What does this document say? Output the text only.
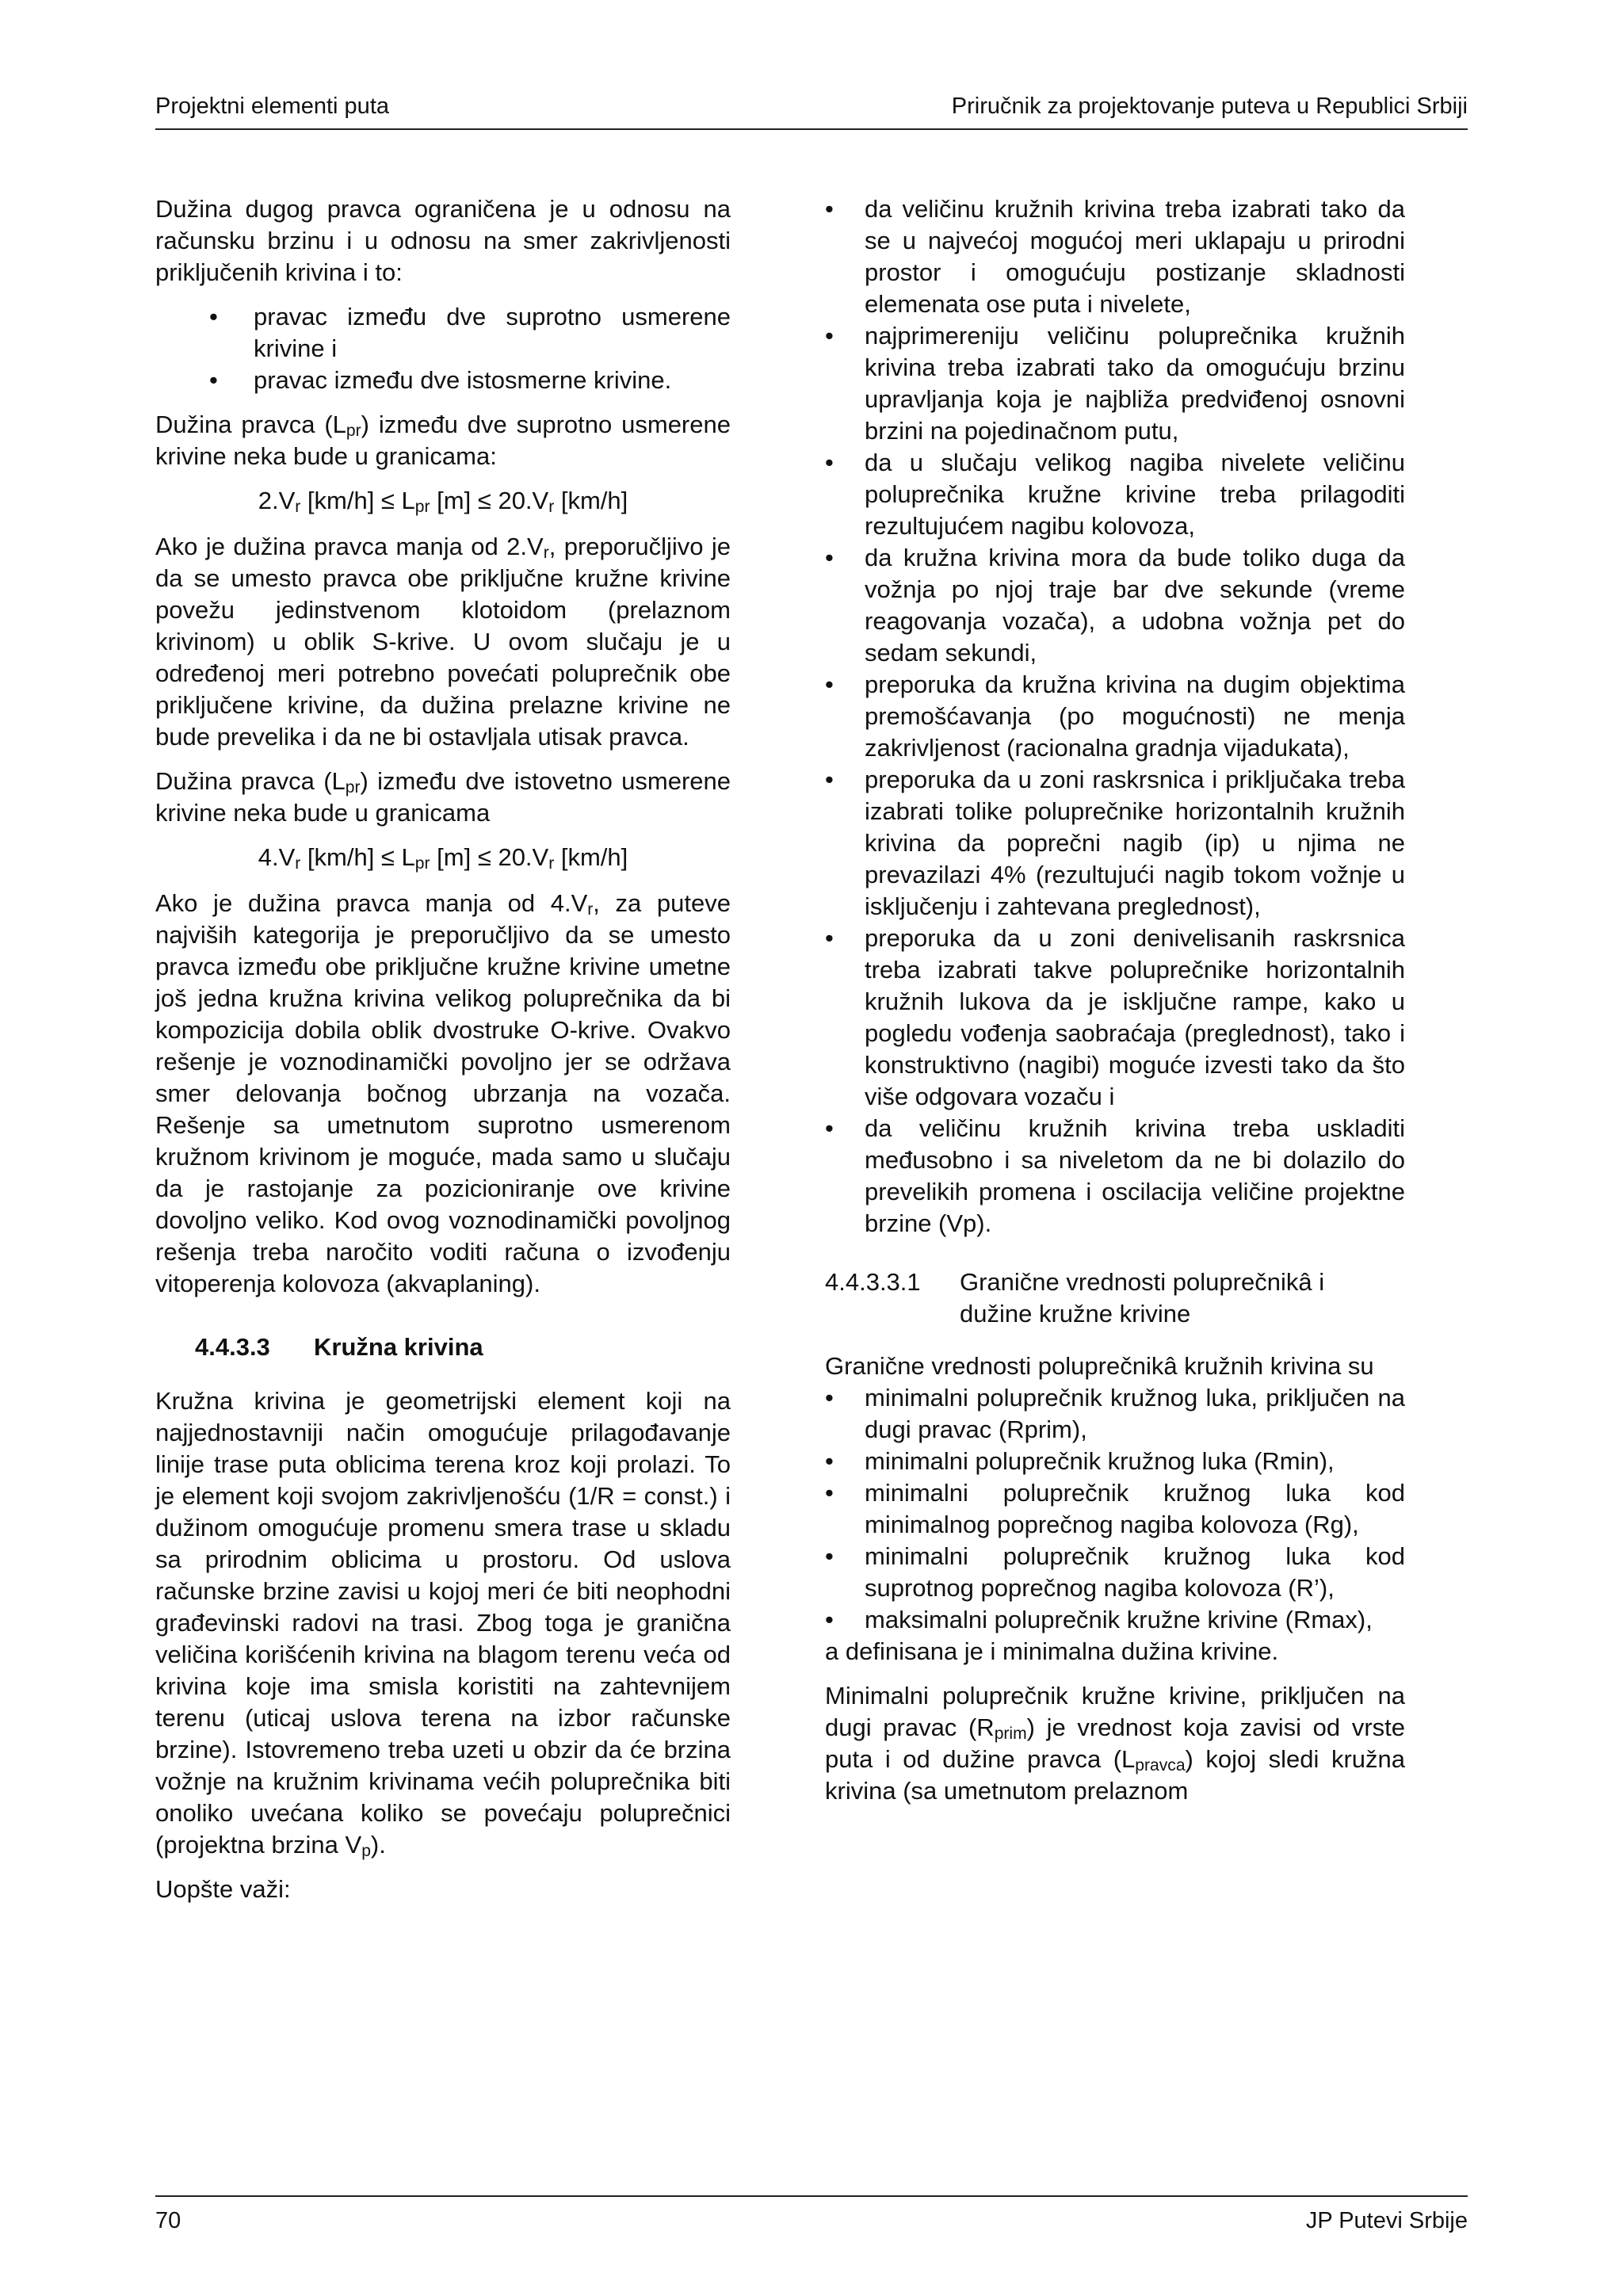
Projektni elementi puta	Priručnik za projektovanje puteva u Republici Srbiji

Dužina dugog pravca ograničena je u odnosu na računsku brzinu i u odnosu na smer zakrivljenosti priključenih krivina i to:

• pravac između dve suprotno usmerene krivine i
• pravac između dve istosmerne krivine.

Dužina pravca $(L_{pr})$ između dve suprotno usmerene krivine neka bude u granicama:

$2.V_r$ $[km/h] \le L_{pr}$ $[m] \le 20.V_r$ [km/h]

Ako je dužina pravca manja od $2.V_r$, preporučljivo je da se umesto pravca obe priključne kružne krivine povežu jedinstvenom klotoidom (prelaznom krivinom) u oblik S-krive. U ovom slučaju je u određenoj meri potrebno povećati poluprečnik obe priključene krivine, da dužina prelazne krivine ne bude prevelika i da ne bi ostavljala utisak pravca.

Dužina pravca $(L_{pr})$ između dve istovetno usmerene krivine neka bude u granicama

$4.V_r$ $[km/h] \le L_{pr}$ $[m] \le 20.V_r$ [km/h]

Ako je dužina pravca manja od $4.V_r$, za puteve najviših kategorija je preporučljivo da se umesto pravca između obe priključne kružne krivine umetne još jedna kružna krivina velikog poluprečnika da bi kompozicija dobila oblik dvostruke O-krive. Ovakvo rešenje je voznodinamički povoljno jer se održava smer delovanja bočnog ubrzanja na vozača. Rešenje sa umetnutom suprotno usmerenom kružnom krivinom je moguće, mada samo u slučaju da je rastojanje za pozicioniranje ove krivine dovoljno veliko. Kod ovog voznodinamički povoljnog rešenja treba naročito voditi računa o izvođenju vitoperenja kolovoza (akvaplaning).

4.4.3.3 Kružna krivina

Kružna krivina je geometrijski element koji na najjednostavniji način omogućuje prilagođavanje linije trase puta oblicima terena kroz koji prolazi. To je element koji svojom zakrivljenošću (1/R = const.) i dužinom omogućuje promenu smera trase u skladu sa prirodnim oblicima u prostoru. Od uslova računske brzine zavisi u kojoj meri će biti neophodni građevinski radovi na trasi. Zbog toga je granična veličina korišćenih krivina na blagom terenu veća od krivina koje ima smisla koristiti na zahtevnijem terenu (uticaj uslova terena na izbor računske brzine). Istovremeno treba uzeti u obzir da će brzina vožnje na kružnim krivinama većih poluprečnika biti onoliko uvećana koliko se povećaju poluprečnici (projektna brzina $V_p$).

Uopšte važi:

• da veličinu kružnih krivina treba izabrati tako da se u najvećoj mogućoj meri uklapaju u prirodni prostor i omogućuju postizanje skladnosti elemenata ose puta i nivelete,
• najprimereniju veličinu poluprečnika kružnih krivina treba izabrati tako da omogućuju brzinu upravljanja koja je najbliža predviđenoj osnovni brzini na pojedinačnom putu,
• da u slučaju velikog nagiba nivelete veličinu poluprečnika kružne krivine treba prilagoditi rezultujućem nagibu kolovoza,
• da kružna krivina mora da bude toliko duga da vožnja po njoj traje bar dve sekunde (vreme reagovanja vozača), a udobna vožnja pet do sedam sekundi,
• preporuka da kružna krivina na dugim objektima premošćavanja (po mogućnosti) ne menja zakrivljenost (racionalna gradnja vijadukata),
• preporuka da u zoni raskrsnica i priključaka treba izabrati tolike poluprečnike horizontalnih kružnih krivina da poprečni nagib (ip) u njima ne prevazilazi 4% (rezultujući nagib tokom vožnje u isključenju i zahtevana preglednost),
• preporuka da u zoni denivelisanih raskrsnica treba izabrati takve poluprečnike horizontalnih kružnih lukova da je isključne rampe, kako u pogledu vođenja saobraćaja (preglednost), tako i konstruktivno (nagibi) moguće izvesti tako da što više odgovara vozaču i
• da veličinu kružnih krivina treba uskladiti međusobno i sa niveletom da ne bi dolazilo do prevelikih promena i oscilacija veličine projektne brzine (Vp).
4.4.3.3.1 Granične vrednosti poluprečnikâ i
dužine kružne krivine

Granične vrednosti poluprečnikâ kružnih krivina su

• minimalni poluprečnik kružnog luka, priključen na dugi pravac (Rprim),
• minimalni poluprečnik kružnog luka (Rmin),
• minimalni poluprečnik kružnog luka kod minimalnog poprečnog nagiba kolovoza (Rg),
• minimalni poluprečnik kružnog luka kod suprotnog poprečnog nagiba kolovoza (R’),
• maksimalni poluprečnik kružne krivine (Rmax),

a definisana je i minimalna dužina krivine.

Minimalni poluprečnik kružne krivine, priključen na dugi pravac $(R_{prim})$ je vrednost koja zavisi od vrste puta i od dužine pravca $(L_{pravca})$ kojoj sledi kružna krivina (sa umetnutom prelaznom

70	JP Putevi Srbije
